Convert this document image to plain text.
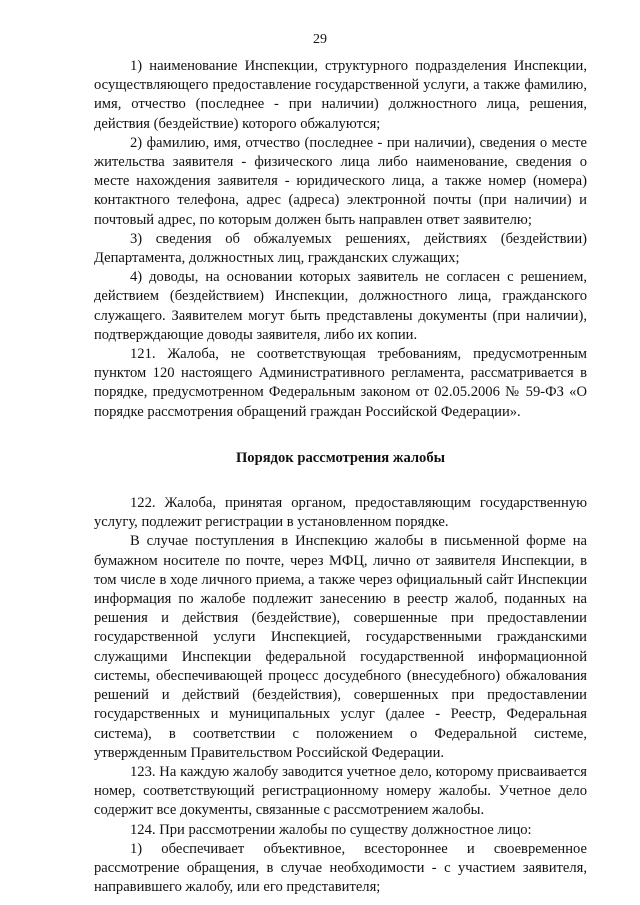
29

1) наименование Инспекции, структурного подразделения Инспекции, осуществляющего предоставление государственной услуги, а также фамилию, имя, отчество (последнее - при наличии) должностного лица, решения, действия (бездействие) которого обжалуются;

2) фамилию, имя, отчество (последнее - при наличии), сведения о месте жительства заявителя - физического лица либо наименование, сведения о месте нахождения заявителя - юридического лица, а также номер (номера) контактного телефона, адрес (адреса) электронной почты (при наличии) и почтовый адрес, по которым должен быть направлен ответ заявителю;

3) сведения об обжалуемых решениях, действиях (бездействии) Департамента, должностных лиц, гражданских служащих;

4) доводы, на основании которых заявитель не согласен с решением, действием (бездействием) Инспекции, должностного лица, гражданского служащего. Заявителем могут быть представлены документы (при наличии), подтверждающие доводы заявителя, либо их копии.

121. Жалоба, не соответствующая требованиям, предусмотренным пунктом 120 настоящего Административного регламента, рассматривается в порядке, предусмотренном Федеральным законом от 02.05.2006 № 59-ФЗ «О порядке рассмотрения обращений граждан Российской Федерации».

Порядок рассмотрения жалобы

122. Жалоба, принятая органом, предоставляющим государственную услугу, подлежит регистрации в установленном порядке.

В случае поступления в Инспекцию жалобы в письменной форме на бумажном носителе по почте, через МФЦ, лично от заявителя Инспекции, в том числе в ходе личного приема, а также через официальный сайт Инспекции информация по жалобе подлежит занесению в реестр жалоб, поданных на решения и действия (бездействие), совершенные при предоставлении государственной услуги Инспекцией, государственными гражданскими служащими Инспекции федеральной государственной информационной системы, обеспечивающей процесс досудебного (внесудебного) обжалования решений и действий (бездействия), совершенных при предоставлении государственных и муниципальных услуг (далее - Реестр, Федеральная система), в соответствии с положением о Федеральной системе, утвержденным Правительством Российской Федерации.

123. На каждую жалобу заводится учетное дело, которому присваивается номер, соответствующий регистрационному номеру жалобы. Учетное дело содержит все документы, связанные с рассмотрением жалобы.

124. При рассмотрении жалобы по существу должностное лицо:

1) обеспечивает объективное, всестороннее и своевременное рассмотрение обращения, в случае необходимости - с участием заявителя, направившего жалобу, или его представителя;
